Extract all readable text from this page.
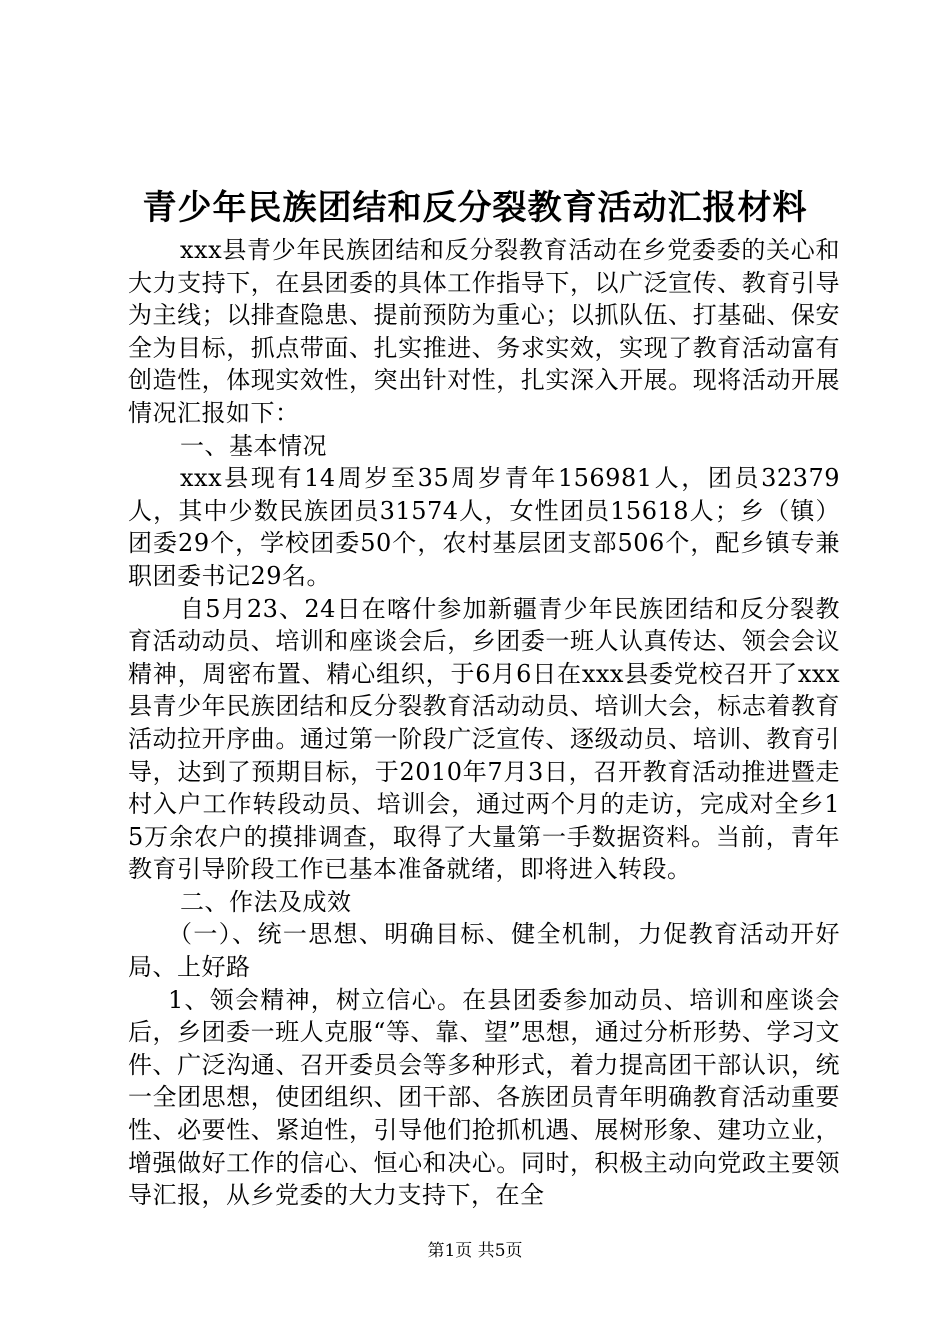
青少年民族团结和反分裂教育活动汇报材料

xxx县青少年民族团结和反分裂教育活动在乡党委委的关心和大力支持下，在县团委的具体工作指导下，以广泛宣传、教育引导为主线；以排查隐患、提前预防为重心；以抓队伍、打基础、保安全为目标，抓点带面、扎实推进、务求实效，实现了教育活动富有创造性，体现实效性，突出针对性，扎实深入开展。现将活动开展情况汇报如下：

一、基本情况

xxx县现有14周岁至35周岁青年156981人，团员32379人，其中少数民族团员31574人，女性团员15618人；乡（镇）团委29个，学校团委50个，农村基层团支部506个，配乡镇专兼职团委书记29名。

自5月23、24日在喀什参加新疆青少年民族团结和反分裂教育活动动员、培训和座谈会后，乡团委一班人认真传达、领会会议精神，周密布置、精心组织，于6月6日在xxx县委党校召开了xxx县青少年民族团结和反分裂教育活动动员、培训大会，标志着教育活动拉开序曲。通过第一阶段广泛宣传、逐级动员、培训、教育引导，达到了预期目标，于2010年7月3日，召开教育活动推进暨走村入户工作转段动员、培训会，通过两个月的走访，完成对全乡15万余农户的摸排调查，取得了大量第一手数据资料。当前，青年教育引导阶段工作已基本准备就绪，即将进入转段。

二、作法及成效

（一）、统一思想、明确目标、健全机制，力促教育活动开好局、上好路

1、领会精神，树立信心。在县团委参加动员、培训和座谈会后，乡团委一班人克服“等、靠、望”思想，通过分析形势、学习文件、广泛沟通、召开委员会等多种形式，着力提高团干部认识，统一全团思想，使团组织、团干部、各族团员青年明确教育活动重要性、必要性、紧迫性，引导他们抢抓机遇、展树形象、建功立业，增强做好工作的信心、恒心和决心。同时，积极主动向党政主要领导汇报，从乡党委的大力支持下，在全

第1页 共5页
